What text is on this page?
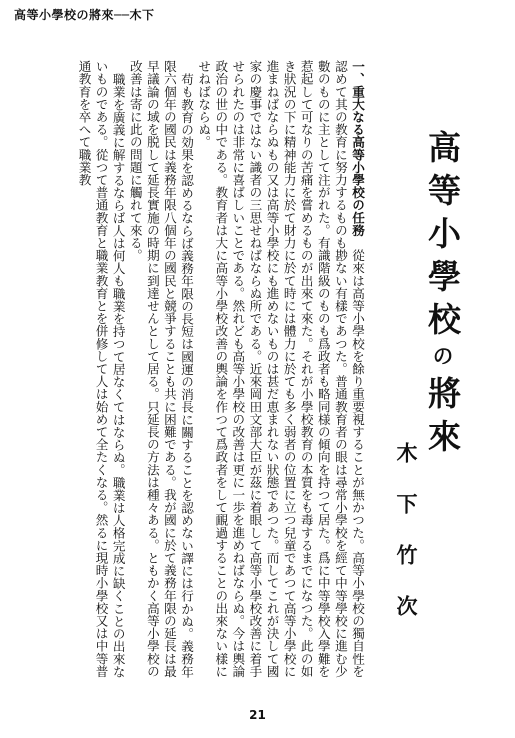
高等小學校の將來──木下
高等小學校の將來
木下竹次

一、重大なる高等小學校の任務　從來は高等小學校を餘り重要視することが無かつた。高等小學校の獨自性を認めて其の教育に努力するものも尠ない有樣であつた。普通教育者の眼は尋常小學校を經て中等學校に進む少數のものに主として注がれた。有識階級のものも爲政者も略同様の傾向を持つて居た。爲に中等學校入學難を惹起して可なりの苦痛を嘗めるものが出來て來た。それが小學校教育の本質をも毒するまでになつた。此の如き狀況の下に精神能力に於て財力に於て時には體力に於ても多く弱者の位置に立つ兒童であつて高等小學校に進まねばならぬもの又は高等小學校にも進めないものは甚だ恵まれない狀態であつた。而してこれが決して國家の慶事ではない識者の三思せねばならぬ所である。近來岡田文部大臣が茲に着眼して高等小學校改善に着手せられたのは非常に喜ばしいことである。然れども高等小學校の改善は更に一歩を進めねばならぬ。今は輿論政治の世の中である。教育者は大に高等小學校改善の輿論を作つて爲政者をして靦過することの出來ない樣にせねばならぬ。

苟も教育の効果を認めるならば義務年限の長短は國運の消長に關することを認めない譯には行かぬ。義務年限六個年の國民は義務年限八個年の國民と競爭することも共に困難である。我が國に於て義務年限の延長は最早議論の域を脱して延長實施の時期に到達せんとして居る。只延長の方法は種々ある。ともかく高等小學校の改善は寄に此の問題に觸れて來る。

職業を廣義に解するならば人は何人も職業を持つて居なくてはならぬ。職業は人格完成に缺くことの出來ないものである。從つて普通教育と職業教育とを併修して人は始めて全たくなる。然るに現時小學校又は中等普通教育を卒へて職業教

21
